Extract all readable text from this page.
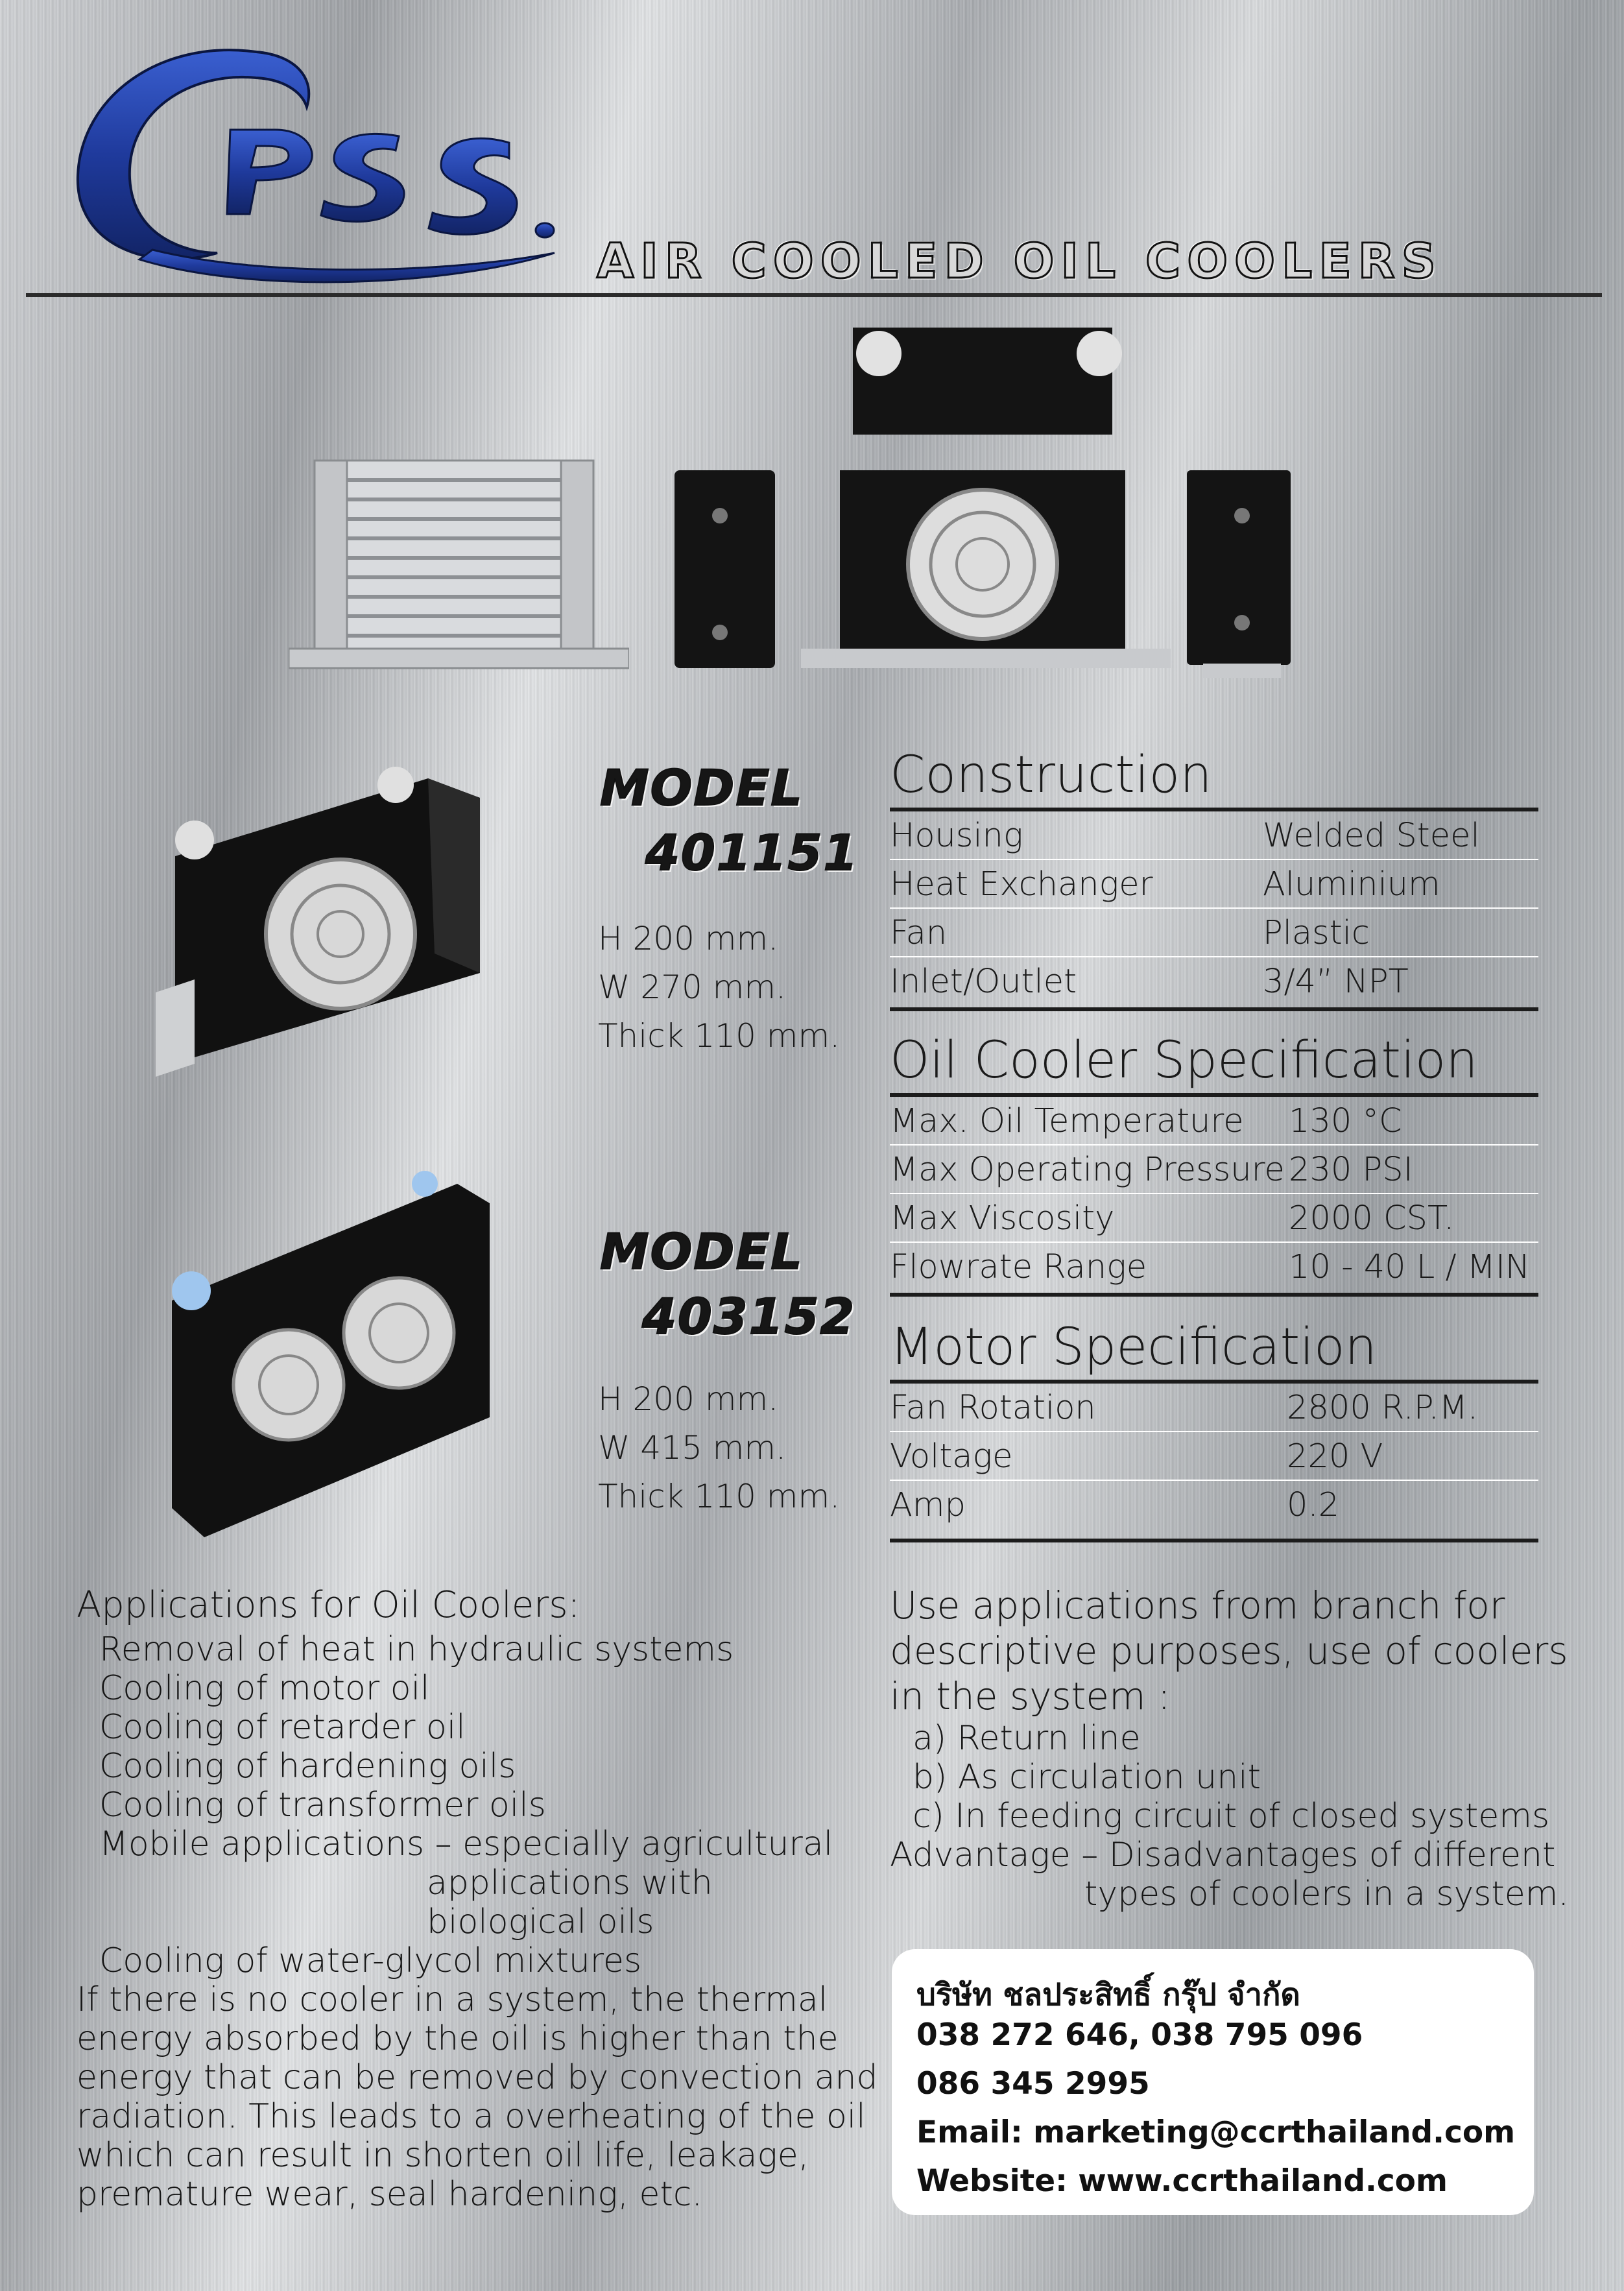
AIR COOLED OIL COOLERS
MODEL
401151
H 200 mm.
W 270 mm.
Thick 110 mm.
MODEL
403152
H 200 mm.
W 415 mm.
Thick 110 mm.
Construction
Housing	Welded Steel
Heat Exchanger	Aluminium
Fan	Plastic
Inlet/Outlet	3/4” NPT
Oil Cooler Specification
Max. Oil Temperature 130 °C
Max Operating Pressure 230 PSI
Max Viscosity	2000 CST.
Flowrate Range	10 - 40 L / MIN
Motor Specification
Fan Rotation	2800 R.P.M.
Voltage	220 V
Amp	0.2
Applications for Oil Coolers:
Removal of heat in hydraulic systems
Cooling of motor oil
Cooling of retarder oil
Cooling of hardening oils
Cooling of transformer oils
Mobile applications – especially agricultural
applications with
biological oils
Cooling of water-glycol mixtures
If there is no cooler in a system, the thermal
energy absorbed by the oil is higher than the
energy that can be removed by convection and
radiation. This leads to a overheating of the oil
which can result in shorten oil life, leakage,
premature wear, seal hardening, etc.
Use applications from branch for
descriptive purposes, use of coolers
in the system :
a) Return line
b) As circulation unit
c) In feeding circuit of closed systems
Advantage – Disadvantages of different
types of coolers in a system.
บริษัท ชลประสิทธิ์ กรุ๊ป จำกัด
038 272 646, 038 795 096
086 345 2995
Email: marketing@ccrthailand.com
Website: www.ccrthailand.com
